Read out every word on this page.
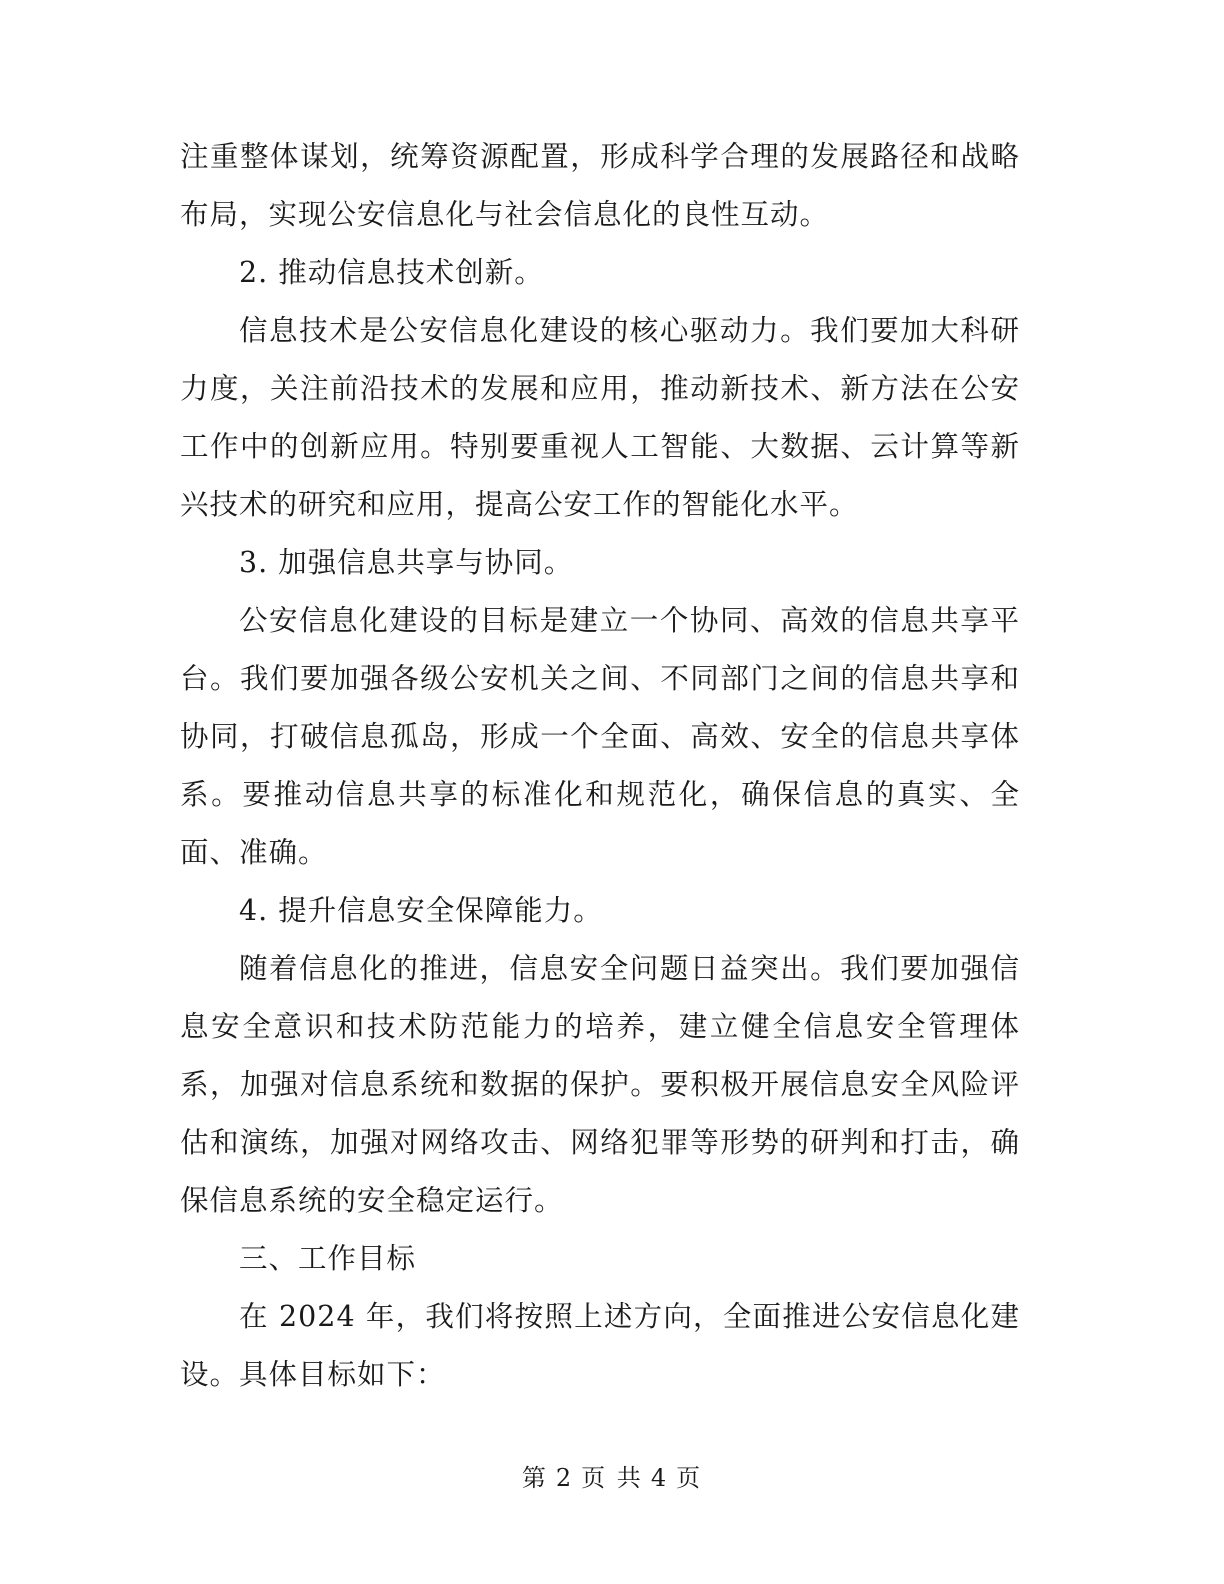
注重整体谋划，统筹资源配置，形成科学合理的发展路径和战略布局，实现公安信息化与社会信息化的良性互动。

2. 推动信息技术创新。

信息技术是公安信息化建设的核心驱动力。我们要加大科研力度，关注前沿技术的发展和应用，推动新技术、新方法在公安工作中的创新应用。特别要重视人工智能、大数据、云计算等新兴技术的研究和应用，提高公安工作的智能化水平。

3. 加强信息共享与协同。

公安信息化建设的目标是建立一个协同、高效的信息共享平台。我们要加强各级公安机关之间、不同部门之间的信息共享和协同，打破信息孤岛，形成一个全面、高效、安全的信息共享体系。要推动信息共享的标准化和规范化，确保信息的真实、全面、准确。

4. 提升信息安全保障能力。

随着信息化的推进，信息安全问题日益突出。我们要加强信息安全意识和技术防范能力的培养，建立健全信息安全管理体系，加强对信息系统和数据的保护。要积极开展信息安全风险评估和演练，加强对网络攻击、网络犯罪等形势的研判和打击，确保信息系统的安全稳定运行。

三、工作目标

在 2024 年，我们将按照上述方向，全面推进公安信息化建设。具体目标如下：

第 2 页 共 4 页
